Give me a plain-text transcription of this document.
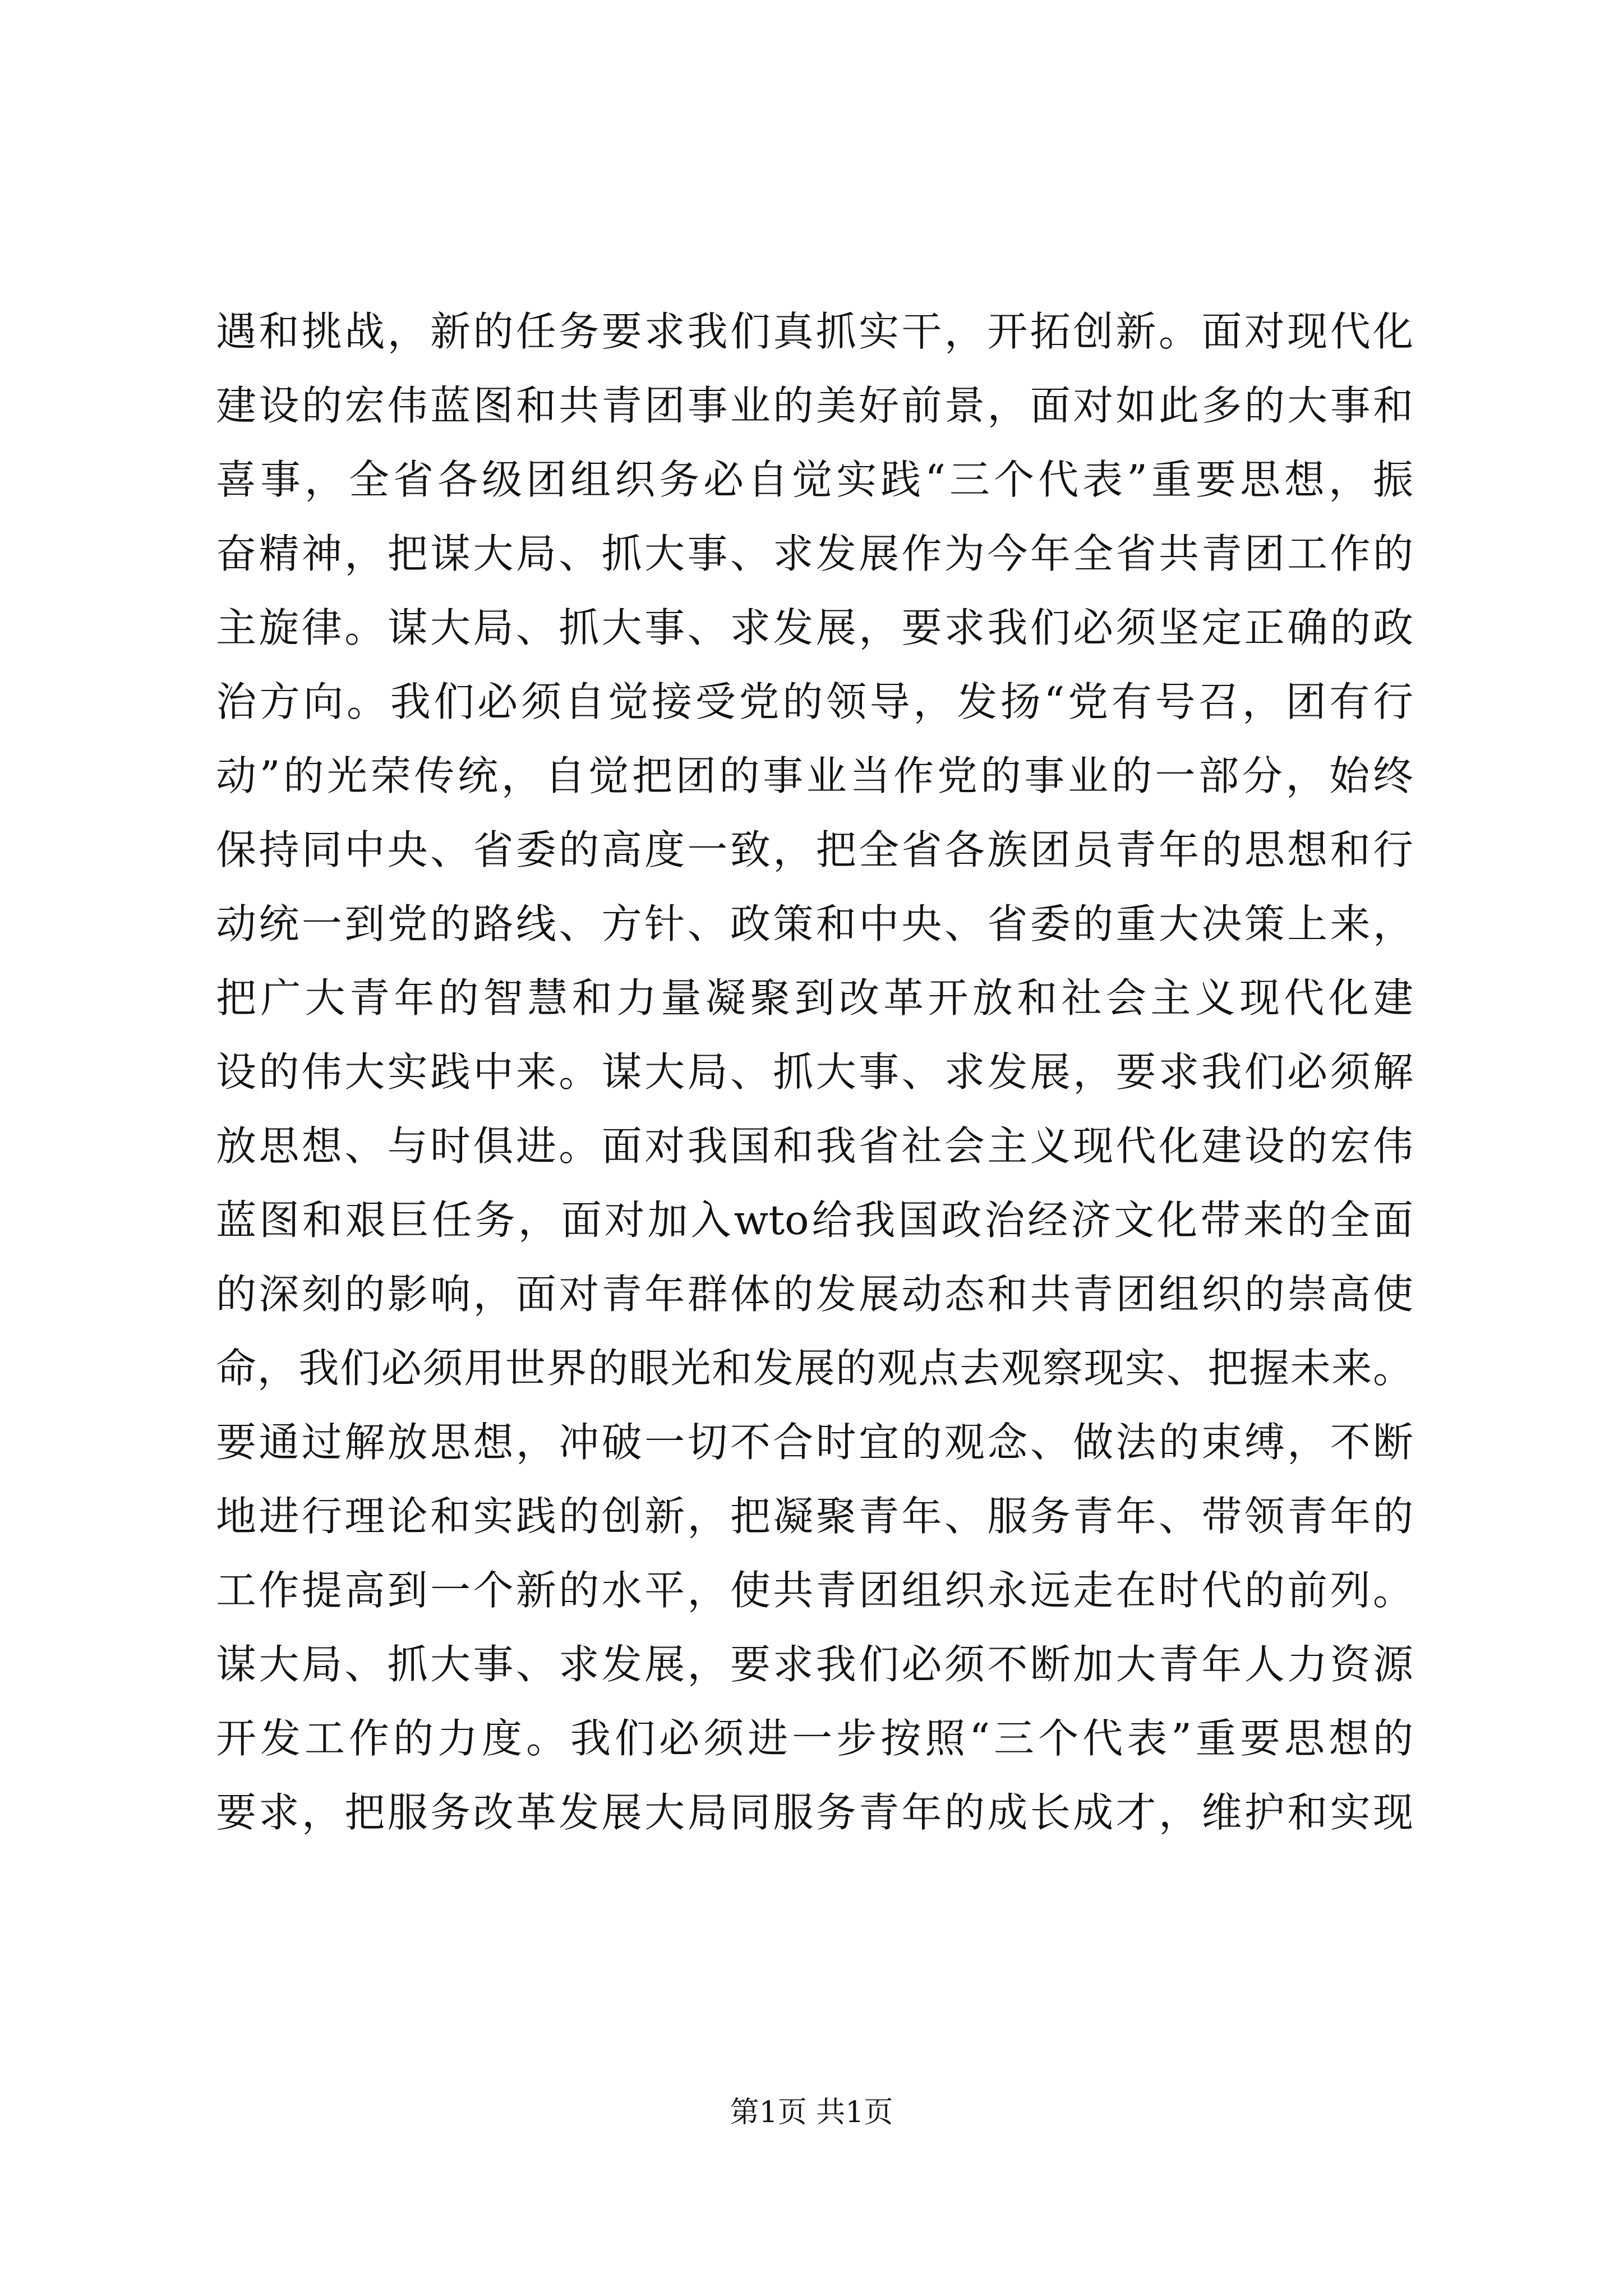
遇和挑战，新的任务要求我们真抓实干，开拓创新。面对现代化
建设的宏伟蓝图和共青团事业的美好前景，面对如此多的大事和
喜事，全省各级团组织务必自觉实践“三个代表”重要思想，振
奋精神，把谋大局、抓大事、求发展作为今年全省共青团工作的
主旋律。谋大局、抓大事、求发展，要求我们必须坚定正确的政
治方向。我们必须自觉接受党的领导，发扬“党有号召，团有行
动”的光荣传统，自觉把团的事业当作党的事业的一部分，始终
保持同中央、省委的高度一致，把全省各族团员青年的思想和行
动统一到党的路线、方针、政策和中央、省委的重大决策上来，
把广大青年的智慧和力量凝聚到改革开放和社会主义现代化建
设的伟大实践中来。谋大局、抓大事、求发展，要求我们必须解
放思想、与时俱进。面对我国和我省社会主义现代化建设的宏伟
蓝图和艰巨任务，面对加入wto给我国政治经济文化带来的全面
的深刻的影响，面对青年群体的发展动态和共青团组织的崇高使
命，我们必须用世界的眼光和发展的观点去观察现实、把握未来。
要通过解放思想，冲破一切不合时宜的观念、做法的束缚，不断
地进行理论和实践的创新，把凝聚青年、服务青年、带领青年的
工作提高到一个新的水平，使共青团组织永远走在时代的前列。
谋大局、抓大事、求发展，要求我们必须不断加大青年人力资源
开发工作的力度。我们必须进一步按照“三个代表”重要思想的
要求，把服务改革发展大局同服务青年的成长成才，维护和实现
第1页 共1页
